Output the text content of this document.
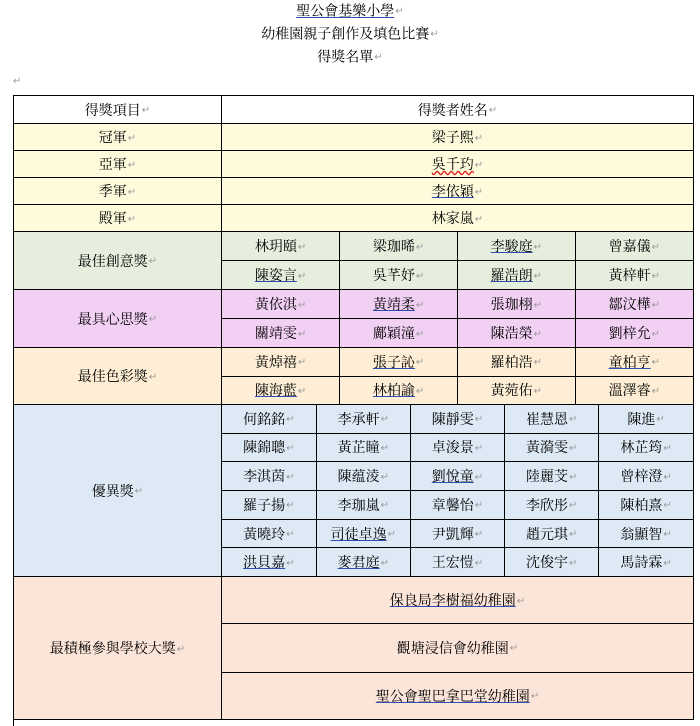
聖公會基樂小學↵
幼稚園親子創作及填色比賽↵
得獎名單↵
↵
得獎項目↵	得獎者姓名↵
冠軍↵	梁子熙↵
亞軍↵	吳千玓↵
季軍↵	李依穎↵
殿軍↵	林家嵐↵
最佳創意獎↵	
林玥頤↵	梁珈晞↵	李駿庭↵	曾嘉儀↵
陳姿言↵	吳芊妤↵	羅浩朗↵	黃梓軒↵

最具心思獎↵	
黃依淇↵	黃靖柔↵	張珈栩↵	鄒汶樺↵
關靖雯↵	鄺穎潼↵	陳浩榮↵	劉梓允↵

最佳色彩獎↵	
黃焯禧↵	張子訫↵	羅柏浩↵	童柏亨↵
陳海藍↵	林柏諭↵	黃菀佑↵	溫澤睿↵

優異獎↵	
何銘銘↵	李承軒↵	陳靜雯↵	崔慧恩↵	陳進↵
陳錦聰↵	黃芷瞳↵	卓浚景↵	黃漪雯↵	林芷筠↵
李淇茵↵	陳蕴淩↵	劉悅童↵	陸麗芠↵	曾梓澄↵
羅子揚↵	李珈嵐↵	章馨怡↵	李欣彤↵	陳柏熹↵
黃曉玲↵	司徒卓逸↵	尹凱輝↵	趙元琪↵	翁顯智↵
洪貝嘉↵	麥君庭↵	王宏愷↵	沈俊宇↵	馬詩霖↵

最積極參與學校大獎↵	
保良局李樹福幼稚園↵
觀塘浸信會幼稚園↵
聖公會聖巴拿巴堂幼稚園↵
